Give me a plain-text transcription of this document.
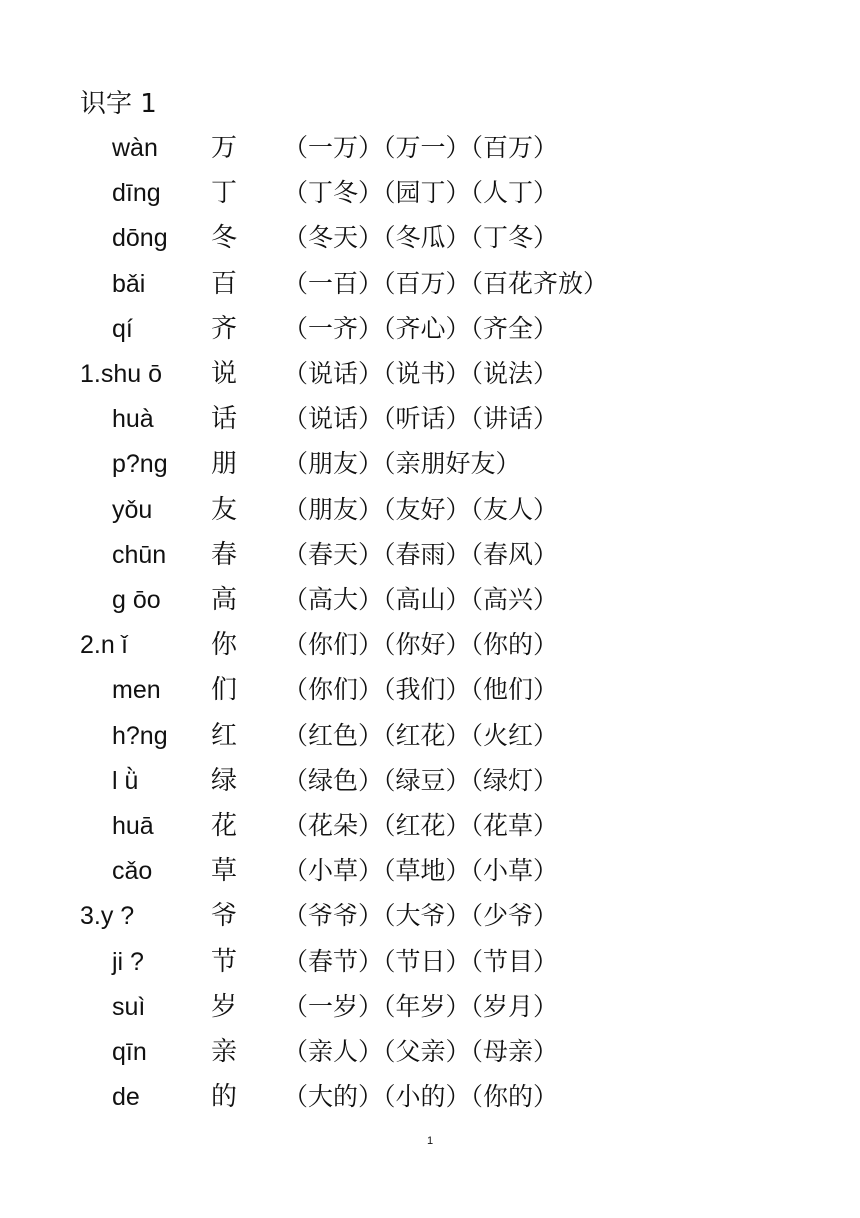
识字 1
wàn 万 （一万）（万一）（百万）
dīng 丁 （丁冬）（园丁）（人丁）
dōng 冬 （冬天）（冬瓜）（丁冬）
bǎi	百 （一百）（百万）（百花齐放）
qí	齐 （一齐）（齐心）（齐全）
1.shu ō 说 （说话）（说书）（说法）
huà 话 （说话）（听话）（讲话）
p?ng 朋 （朋友）（亲朋好友）
yǒu 友 （朋友）（友好）（友人）
chūn 春 （春天）（春雨）（春风）
g ōo 高 （高大）（高山）（高兴）
2.n ǐ	你 （你们）（你好）（你的）
men 们 （你们）（我们）（他们）
h?ng 红 （红色）（红花）（火红）
l ǜ	绿 （绿色）（绿豆）（绿灯）
huā 花 （花朵）（红花）（花草）
cǎo 草 （小草）（草地）（小草）
3.y ?	爷 （爷爷）（大爷）（少爷）
ji ?	节 （春节）（节日）（节目）
suì	岁 （一岁）（年岁）（岁月）
qīn 亲 （亲人）（父亲）（母亲）
de	的 （大的）（小的）（你的）
1
